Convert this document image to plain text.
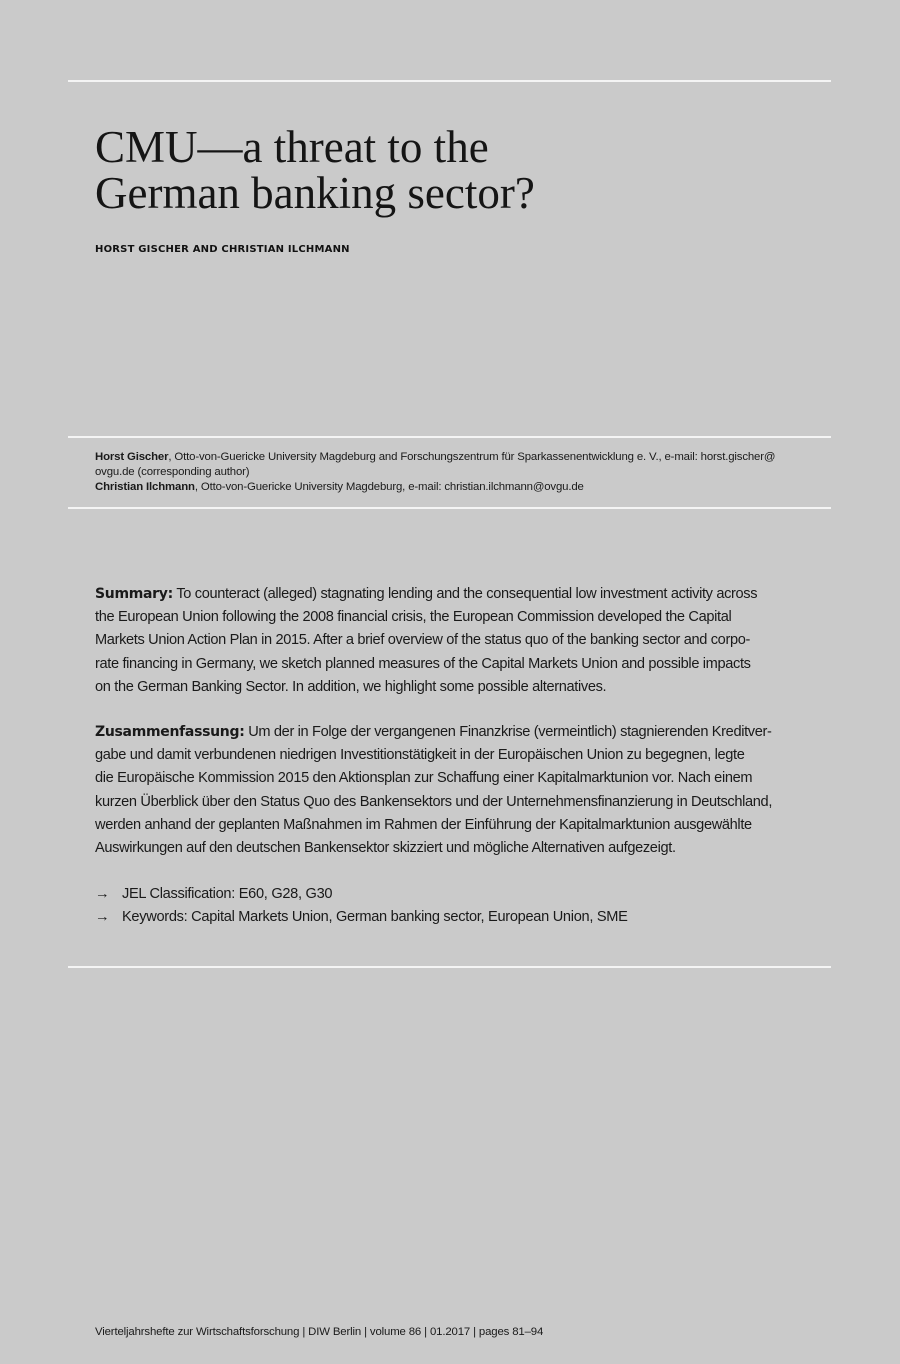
CMU—a threat to the
German banking sector?
HORST GISCHER AND CHRISTIAN ILCHMANN
Horst Gischer, Otto-von-Guericke University Magdeburg and Forschungszentrum für Sparkassenentwicklung e. V., e-mail: horst.gischer@
ovgu.de (corresponding author)
Christian Ilchmann, Otto-von-Guericke University Magdeburg, e-mail: christian.ilchmann@ovgu.de
Summary: To counteract (alleged) stagnating lending and the consequential low investment activity across
the European Union following the 2008 financial crisis, the European Commission developed the Capital
Markets Union Action Plan in 2015. After a brief overview of the status quo of the banking sector and corpo-
rate financing in Germany, we sketch planned measures of the Capital Markets Union and possible impacts
on the German Banking Sector. In addition, we highlight some possible alternatives.
Zusammenfassung: Um der in Folge der vergangenen Finanzkrise (vermeintlich) stagnierenden Kreditver-
gabe und damit verbundenen niedrigen Investitionstätigkeit in der Europäischen Union zu begegnen, legte
die Europäische Kommission 2015 den Aktionsplan zur Schaffung einer Kapitalmarktunion vor. Nach einem
kurzen Überblick über den Status Quo des Bankensektors und der Unternehmensfinanzierung in Deutschland,
werden anhand der geplanten Maßnahmen im Rahmen der Einführung der Kapitalmarktunion ausgewählte
Auswirkungen auf den deutschen Bankensektor skizziert und mögliche Alternativen aufgezeigt.
→ JEL Classification: E60, G28, G30
→ Keywords: Capital Markets Union, German banking sector, European Union, SME
Vierteljahrshefte zur Wirtschaftsforschung | DIW Berlin | volume 86 | 01.2017 | pages 81–94
